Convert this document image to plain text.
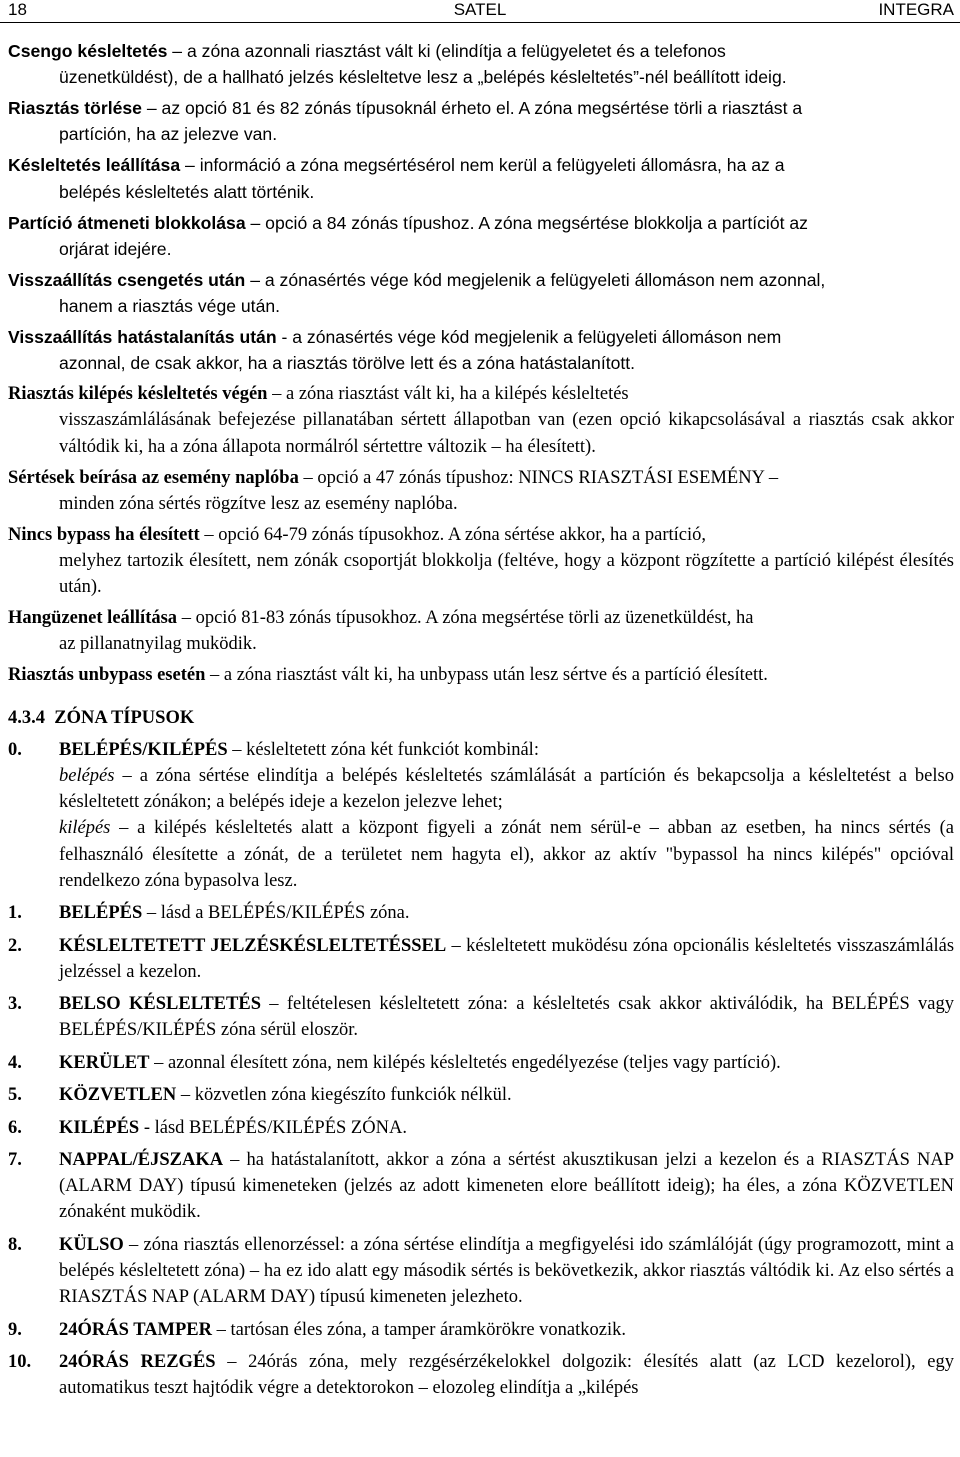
18	SATEL	INTEGRA
Csengo késleltetés – a zóna azonnali riasztást vált ki (elindítja a felügyeletet és a telefonos
üzenetküldést), de a hallható jelzés késleltetve lesz a „belépés késleltetés”-nél beállított ideig.
Riasztás törlése – az opció 81 és 82 zónás típusoknál érheto el. A zóna megsértése törli a riasztást a
partíción, ha az jelezve van.
Késleltetés leállítása – információ a zóna megsértésérol nem kerül a felügyeleti állomásra, ha az a
belépés késleltetés alatt történik.
Partíció átmeneti blokkolása – opció a 84 zónás típushoz. A zóna megsértése blokkolja a partíciót az
orjárat idejére.
Visszaállítás csengetés után – a zónasértés vége kód megjelenik a felügyeleti állomáson nem azonnal,
hanem a riasztás vége után.
Visszaállítás hatástalanítás után - a zónasértés vége kód megjelenik a felügyeleti állomáson nem
azonnal, de csak akkor, ha a riasztás törölve lett és a zóna hatástalanított.
Riasztás kilépés késleltetés végén – a zóna riasztást vált ki, ha a kilépés késleltetés
visszaszámlálásának befejezése pillanatában sértett állapotban van (ezen opció kikapcsolásával a riasztás csak akkor váltódik ki, ha a zóna állapota normálról sértettre változik – ha élesített).
Sértések beírása az esemény naplóba – opció a 47 zónás típushoz: NINCS RIASZTÁSI ESEMÉNY –
minden zóna sértés rögzítve lesz az esemény naplóba.
Nincs bypass ha élesített – opció 64-79 zónás típusokhoz. A zóna sértése akkor, ha a partíció,
melyhez tartozik élesített, nem zónák csoportját blokkolja (feltéve, hogy a központ rögzítette a partíció kilépést élesítés után).
Hangüzenet leállítása – opció 81-83 zónás típusokhoz. A zóna megsértése törli az üzenetküldést, ha
az pillanatnyilag muködik.
Riasztás unbypass esetén – a zóna riasztást vált ki, ha unbypass után lesz sértve és a partíció élesített.
4.3.4 ZÓNA TÍPUSOK
0. BELÉPÉS/KILÉPÉS – késleltetett zóna két funkciót kombinál:
belépés – a zóna sértése elindítja a belépés késleltetés számlálását a partíción és bekapcsolja a késleltetést a belso késleltetett zónákon; a belépés ideje a kezelon jelezve lehet;
kilépés – a kilépés késleltetés alatt a központ figyeli a zónát nem sérül-e – abban az esetben, ha nincs sértés (a felhasználó élesítette a zónát, de a területet nem hagyta el), akkor az aktív "bypassol ha nincs kilépés" opcióval rendelkezo zóna bypasolva lesz.
1. BELÉPÉS – lásd a BELÉPÉS/KILÉPÉS zóna.
2. KÉSLELTETETT JELZÉSKÉSLELTETÉSSEL – késleltetett muködésu zóna opcionális késleltetés visszaszámlálás jelzéssel a kezelon.
3. BELSO KÉSLELTETÉS – feltételesen késleltetett zóna: a késleltetés csak akkor aktiválódik, ha BELÉPÉS vagy BELÉPÉS/KILÉPÉS zóna sérül eloször.
4. KERÜLET – azonnal élesített zóna, nem kilépés késleltetés engedélyezése (teljes vagy partíció).
5. KÖZVETLEN – közvetlen zóna kiegészíto funkciók nélkül.
6. KILÉPÉS - lásd BELÉPÉS/KILÉPÉS ZÓNA.
7. NAPPAL/ÉJSZAKA – ha hatástalanított, akkor a zóna a sértést akusztikusan jelzi a kezelon és a RIASZTÁS NAP (ALARM DAY) típusú kimeneteken (jelzés az adott kimeneten elore beállított ideig); ha éles, a zóna KÖZVETLEN zónaként muködik.
8. KÜLSO – zóna riasztás ellenorzéssel: a zóna sértése elindítja a megfigyelési ido számlálóját (úgy programozott, mint a belépés késleltetett zóna) – ha ez ido alatt egy második sértés is bekövetkezik, akkor riasztás váltódik ki. Az elso sértés a RIASZTÁS NAP (ALARM DAY) típusú kimeneten jelezheto.
9. 24ÓRÁS TAMPER – tartósan éles zóna, a tamper áramkörökre vonatkozik.
10. 24ÓRÁS REZGÉS – 24órás zóna, mely rezgésérzékelokkel dolgozik: élesítés alatt (az LCD kezelorol), egy automatikus teszt hajtódik végre a detektorokon – elozoleg elindítja a „kilépés
